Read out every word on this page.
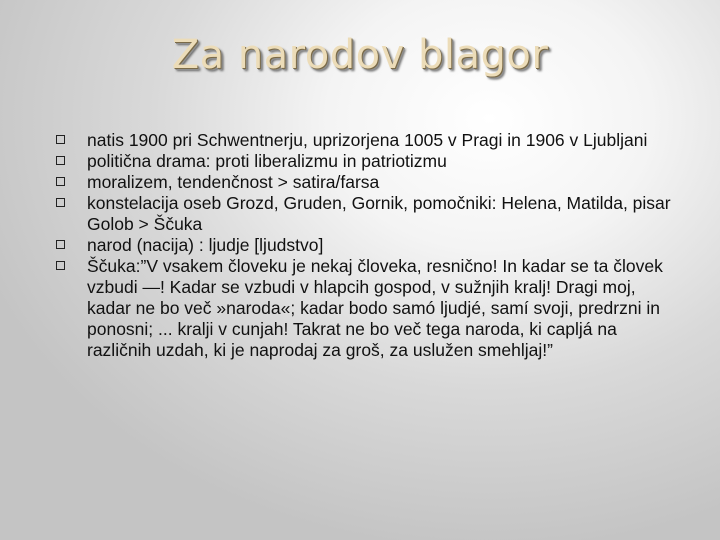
Za narodov blagor
natis 1900 pri Schwentnerju, uprizorjena 1005 v Pragi in 1906 v Ljubljani
politična drama: proti liberalizmu in patriotizmu
moralizem, tendenčnost > satira/farsa
konstelacija oseb Grozd, Gruden, Gornik, pomočniki: Helena, Matilda, pisar Golob > Ščuka
narod (nacija) : ljudje [ljudstvo]
Ščuka:”V vsakem človeku je nekaj človeka, resnično! In kadar se ta človek vzbudi —! Kadar se vzbudi v hlapcih gospod, v sužnjih kralj! Dragi moj, kadar ne bo več »naroda«; kadar bodo samó ljudjé, samí svoji, predrzni in ponosni; ... kralji v cunjah! Takrat ne bo več tega naroda, ki capljá na različnih uzdah, ki je naprodaj za groš, za uslužen smehljaj!”
